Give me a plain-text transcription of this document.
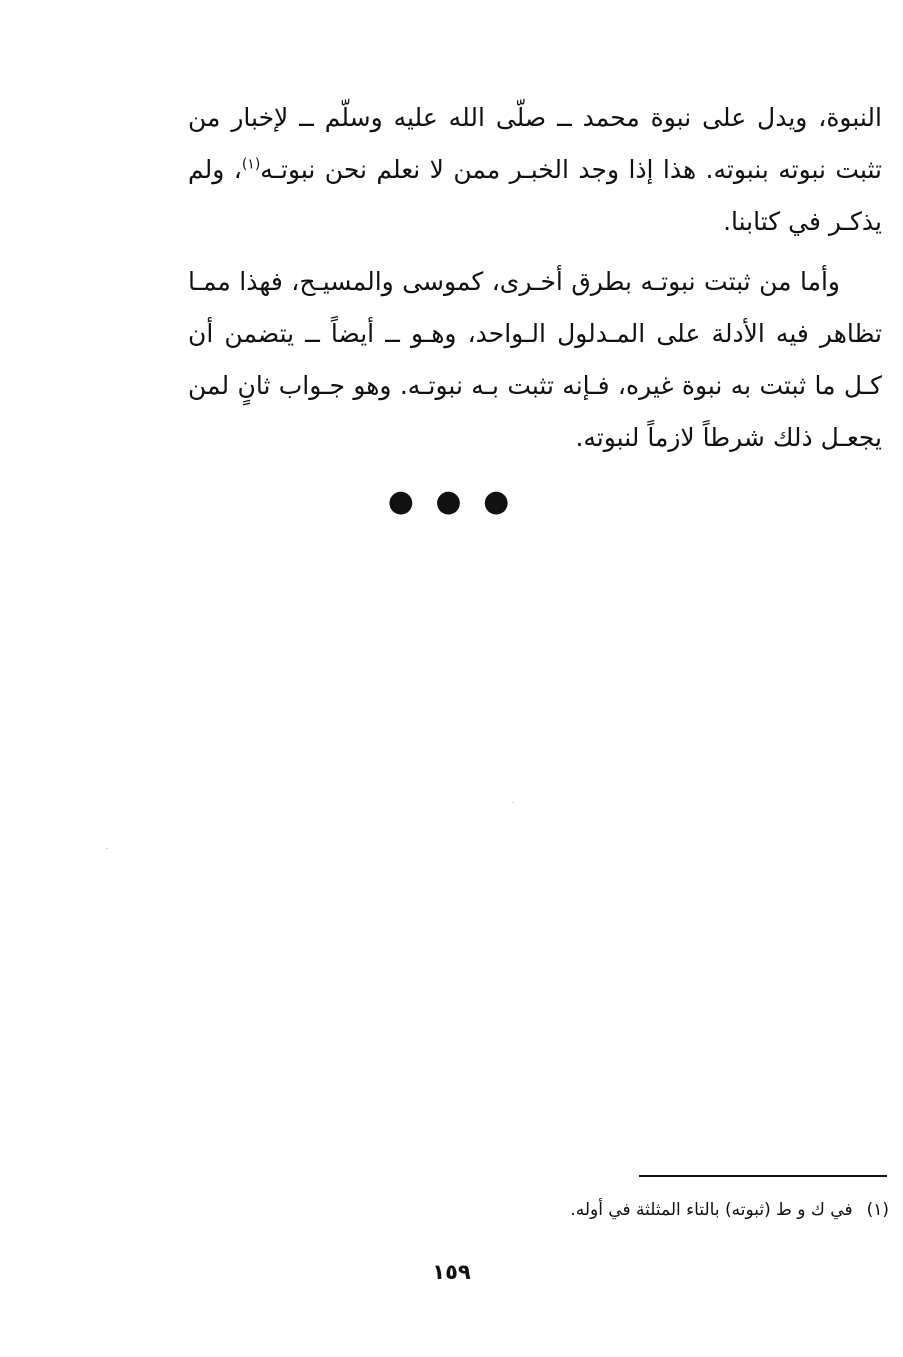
النبوة، ويدل على نبوة محمد ــ صلّى الله عليه وسلّم ــ لإخبار من تثبت نبوته بنبوته. هذا إذا وجد الخبـر ممن لا نعلم نحن نبوتـه$^{(١)}$، ولم يذكـر في كتابنا.

وأما من ثبتت نبوتـه بطرق أخـرى، كموسى والمسيـح، فهذا ممـا تظاهر فيه الأدلة على المـدلول الـواحد، وهـو ــ أيضاً ــ يتضمن أن كـل ما ثبتت به نبوة غيره، فـإنه تثبت بـه نبوتـه. وهو جـواب ثانٍ لمن يجعـل ذلك شرطاً لازماً لنبوته.

● ● ●
(١)في ك و ط (ثبوته) بالتاء المثلثة في أوله.
١٥٩
